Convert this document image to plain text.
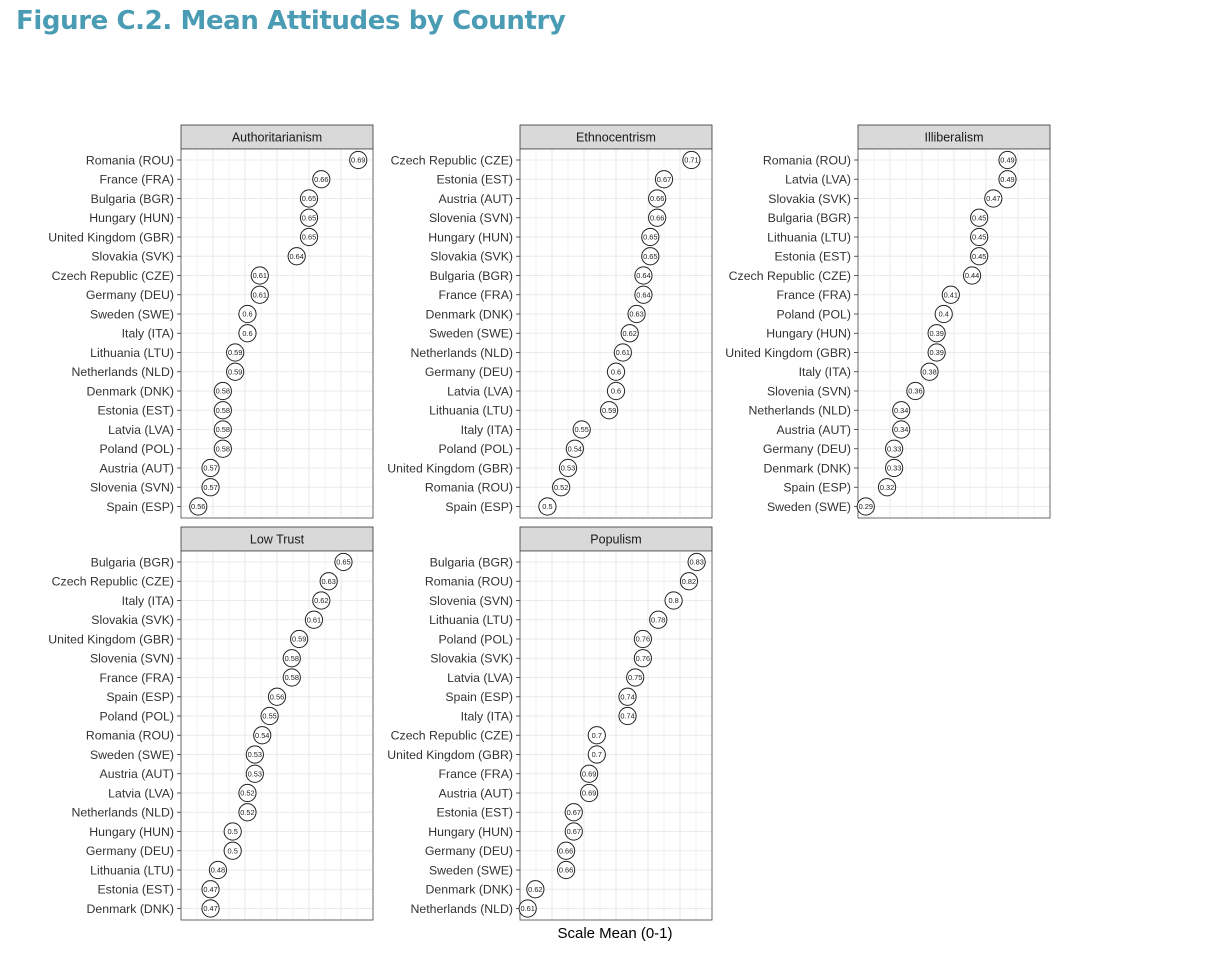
Figure C.2. Mean Attitudes by Country
Authoritarianism
Romania (ROU)	0.69
France (FRA)	0.66
Bulgaria (BGR)	0.65
Hungary (HUN)	0.65
United Kingdom (GBR)	0.65
Slovakia (SVK)	0.64
Czech Republic (CZE)	0.61
Germany (DEU)	0.61
Sweden (SWE)	0.6
Italy (ITA)	0.6
Lithuania (LTU)	0.59
Netherlands (NLD)	0.59
Denmark (DNK)	0.58
Estonia (EST)	0.58
Latvia (LVA)	0.58
Poland (POL)	0.58
Austria (AUT)	0.57
Slovenia (SVN)	0.57
Spain (ESP) 0.56
Ethnocentrism
Czech Republic (CZE)	0.71
Estonia (EST)	0.67
Austria (AUT)	0.66
Slovenia (SVN)	0.66
Hungary (HUN)	0.65
Slovakia (SVK)	0.65
Bulgaria (BGR)	0.64
France (FRA)	0.64
Denmark (DNK)	0.63
Sweden (SWE)	0.62
Netherlands (NLD)	0.61
Germany (DEU)	0.6
Latvia (LVA)	0.6
Lithuania (LTU)	0.59
Italy (ITA)	0.55
Poland (POL)	0.54
United Kingdom (GBR)	0.53
Romania (ROU)	0.52
Spain (ESP)	0.5
Illiberalism
Romania (ROU)	0.49
Latvia (LVA)	0.49
Slovakia (SVK)	0.47
Bulgaria (BGR)	0.45
Lithuania (LTU)	0.45
Estonia (EST)	0.45
Czech Republic (CZE)	0.44
France (FRA)	0.41
Poland (POL)	0.4
Hungary (HUN)	0.39
United Kingdom (GBR)	0.39
Italy (ITA)	0.38
Slovenia (SVN)	0.36
Netherlands (NLD)	0.34
Austria (AUT)	0.34
Germany (DEU)	0.33
Denmark (DNK)	0.33
Spain (ESP)	0.32
Sweden (SWE) 0.29
Low Trust
Bulgaria (BGR)	0.65
Czech Republic (CZE)	0.63
Italy (ITA)	0.62
Slovakia (SVK)	0.61
United Kingdom (GBR)	0.59
Slovenia (SVN)	0.58
France (FRA)	0.58
Spain (ESP)	0.56
Poland (POL)	0.55
Romania (ROU)	0.54
Sweden (SWE)	0.53
Austria (AUT)	0.53
Latvia (LVA)	0.52
Netherlands (NLD)	0.52
Hungary (HUN)	0.5
Germany (DEU)	0.5
Lithuania (LTU)	0.48
Estonia (EST)	0.47
Denmark (DNK)	0.47
Populism
Bulgaria (BGR)	0.83
Romania (ROU)	0.82
Slovenia (SVN)	0.8
Lithuania (LTU)	0.78
Poland (POL)	0.76
Slovakia (SVK)	0.76
Latvia (LVA)	0.75
Spain (ESP)	0.74
Italy (ITA)	0.74
Czech Republic (CZE)	0.7
United Kingdom (GBR)	0.7
France (FRA)	0.69
Austria (AUT)	0.69
Estonia (EST)	0.67
Hungary (HUN)	0.67
Germany (DEU)	0.66
Sweden (SWE)	0.66
Denmark (DNK) 0.62
Netherlands (NLD) 0.61
Scale Mean (0-1)
